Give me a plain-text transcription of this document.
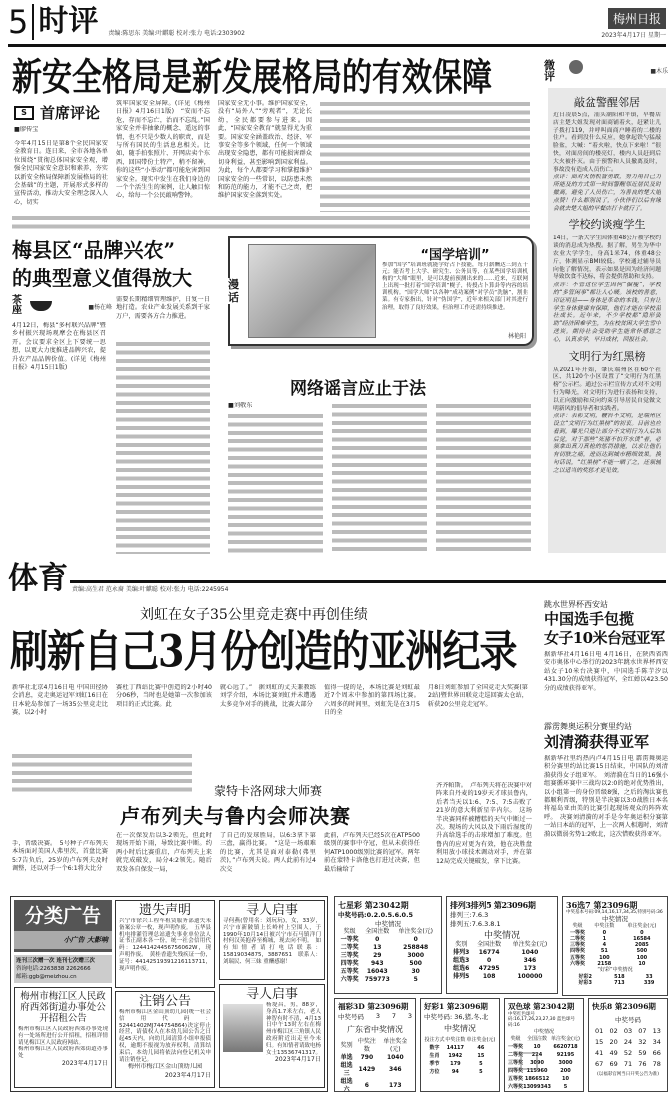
5 时评 责编:陈思东 美编:叶麒聪 校对:张力 电话:2303902
梅州日报
2023年4月17日 星期一
新安全格局是新发展格局的有效保障
S 首席评论
■廖传宝
今年4月15日是第8个全民国家安全教育日。连日来，全市各地各单位围绕“贯彻总体国家安全观，增强全民国家安全意识和素养，夯实以新安全格局保障新发展格局的社会基础”的主题，开展形式多样的宣传活动，推动大安全理念深入人心，切实
筑牢国家安全屏障。(详见《梅州日报》4月16日1版)　“安而不忘危，存而不忘亡，治而不忘乱。”国家安全并非抽象的概念、遥远的事情，也不只是少数人的职责，而是与所有国民的生活息息相关。比如，随手拍张照片、开网店卖个东西、回国带份土特产，稍不留神，你的这些“小举动”都可能危害到国家安全。现实中发生在我们身边的一个个活生生的案例，让人触目惊心，给每一个公民敲响警钟。
国家安全无小事。维护国家安全，没有“局外人”“旁观者”，无论长幼，全民都要参与进来。因此，“国家安全教育”就显得尤为重要。国家安全涵盖政治、经济、军事安全等多个领域，任何一个领域出现安全隐患，都有可能损害群众切身利益，甚至影响到国家利益。为此，每个人都要学习和掌握维护国家安全的一些常识，以防患未然和防范的能力，才能不己之责，把维护国家安全落到实处。
微评	■木乐
敲盆警醒邻居
近日凌晨5点，汕头潮阳和平镇，早餐店店主楚大姐发现对面商铺着火，赶紧让儿子拨打119，并呼叫面商户睡着的二楼的住户。看到没什么反应，她拿起铁勺猛敲脸盆，大喊：“着火啦，快点下来啦！”很快，对面房间的楼亮灯，楼内人员赶到后大火被扑灭。由于预警和人员撤离及时，事故没有造成人员伤亡。
点评：面对火情机智勇敢，努力用自己力所能及的方式第一时间警醒邻近居民及时撤离，避免了人员伤亡，为善良的楚大姐点赞！什么都别说了，小伙伴们以后有缘会就去楚大姐的早餐店打卡就行了。
学校约谈瘦学生
14日，一条大学生因体重48公斤被学校约谈的消息成为热搜。据了解，男生为华中农业大学学生，身高1米74，体重48公斤，体测显示BMI较低。学校通过辅导员向他了解情况，表示如果是因为经济问题导致饮食不达标，将会提供帮助和支持。
点评：不管这位学生因何“偏瘦”，学校的“多管闲事”都让人心暖。该校的善意，印证明显——身体是革命的本钱，只有让学生身体健康有保障，他们才能在学校茁壮成长。近年来，不少学校都“隐形资助”经济困难学生，为在校贫困大学生雪中送炭。期待社会受助学生能常怀感恩之心，认真求学，早日成材，回报社会。
文明行为红黑榜
从2021年开始，肇庆端州区在60个社区、共120个小区设置了“文明行为红黑榜”公示栏。通过公示栏宣传方式对不文明行为曝光，对文明行为进行表扬和支持，以正向激励和反向约束引导居民自觉做文明新风的倡导者和实践者。
点评：表彰文明，鞭笞不文明，是端州区设立“文明行为红黑榜”的初衷。目前也应看到，曝光只能让部分不文明行为人后知后觉，对于那些“死猪不怕开水烫”者，必须拿出真刀真枪的惩罚措施，以求让他们有切肤之痛，进而达到城市精细效果。换句话说，“红黑榜”不能一晒了之，还须辅之以适当的奖惩才更见效。
梅县区“品牌兴农”
的典型意义值得放大
茶座	■杨在峰
4月12日，梅县“多村联兴品牌”暨乡村振兴现场观摩会在梅县区召开。会议要求全区上下要统一思想，以更大力度推进品牌兴农，提升农产品品牌价值。(详见《梅州日报》4月15日1版)
需要长期精细管理维护，日复一日地打造。农业产业发展关系到千家万户，需要各方合力推进。
漫话
“国学培训”
参加“国学”培训班就能学好占卜技能，每月薪酬达三到五千元；能否考上大学、研究生、公务员等，在某些国学培训机构的“大师”眼里，是可以提前预测出来的……近来，互联网上出现一批打着“国学培训”幌子，传授占卜算卦等内容的培训机构。“国学大师”以各种“成功案例”对学员“洗脑”，割韭菜。有专家指出，针对“伪国学”，近年来相关部门对其进行治理，取得了良好效果，但治理工作还需持续推进。
林艳阳
网络谣言应止于法
■刘敬东
体育 责编:高生君 范永裔 美编:叶麒聪 校对:张力 电话:2245954
刘虹在女子35公里竞走赛中再创佳绩
刷新自己3月份创造的亚洲纪录
新华社北京4月16日电 中国田径协会消息，竞走奥运冠军刘虹16日在日本轮岛参加了一场35公里竞走比赛，以2小时
赛杜丁西站比赛中创造的2小时40分06秒，当时也是她第一次参加该项目的正式比赛。此
就心远了。”　据刘虹的丈夫兼教练刘学介绍，本场比赛刘虹并未遭遇太多竞争对手的挑战，比赛大部分
值得一提的是，本场比赛是刘虹最近7个周末中参加的第四场比赛。六周多的时间里，刘虹先是在3月5日的全
月8日刘虹参加了全国竞走大奖赛(第2站)暨世界田联竞走巡回赛太仓站，斩获20公里竞走冠军。
跳水世界杯西安站
中国选手包揽
女子10米台冠亚军
据新华社4月16日电 4月16日，在陕西省西安市奥体中心举行的2023年跳水世界杯西安站女子10米台决赛中，中国选手陈芋汐以431.30分的成绩获得冠军，全红婵以423.50分的成绩获得亚军。
霹雳舞奥运积分赛里约站
刘清漪获得亚军
据新华社里约热内卢4月15日电 霹雳舞奥运积分赛里约站比赛15日结束，中国队的刘清漪获得女子组亚军。　刘清漪在当日的16强小组赛循环赛中三战均以2:0的绝对优势胜出，以小组第一的身份晋级8强，之后的淘汰赛也都顺利晋级，特别是半决赛以3:0战胜日本名将福岛亚由美的比赛引起现场观众的阵阵欢呼。　决赛刘清漪的对手是今年奥运积分赛第一站日本站的冠军，上一次两人相遇时，刘清漪以微弱劣势1:2败北，这次惜败获得亚军。
蒙特卡洛网球大师赛
卢布列夫与鲁内会师决赛
手，晋级决赛。　5号种子卢布列夫本场面对美国人弗里茨，首盘比赛5:7告负后，25岁的卢布列夫及时调整，还以对手一个6:1将大比分
在一次保发后以3-2领先，但此时现场开始下雨，导致比赛中断。约两小时后比赛重启，卢布列夫上来就完成破发，局分4:2领先。随后双发各自保发一局，
了自己的发球胜局，以6:3拿下第三盘，赢得比赛。　“这是一场艰难的比赛，尤其是面对泰勒(弗里茨)，”卢布列夫说。两人此前有过4次交
此前，卢布列夫已经5次在ATP500级别的赛事中夺冠，但从未获得任何ATP1000级别比赛的冠军。两年前在蒙特卡洛他也打进过决赛，但最后输给了
齐齐帕斯。　卢布列夫将在决赛中对阵来自丹麦的19岁天才球员鲁内，后者当天以1:6、7:5、7:5击败了21岁的意大利新星辛内尔。　这场半决赛同样被糟糕的天气中断过一次。现场的大风以及下雨后湿度的升高给选手的击球增加了难度。但鲁内的应对更为有效，他在决胜盘利用放小球技术调动对手，并在第12局完成关键破发，拿下比赛。
分类广告
小广告 大影响
连刊三次赠一次 连刊七次赠三次
咨询电话:2263838 2262666
邮箱:ggb@meizhou.cn
遗失声明
兴宁市徐兴工程车租赁服务部遗失未备案公章一枚，现声明作废。　五华县机电排灌管理总站遗失事业单位法人证书正副本各一份，统一社会信用代码：12441424456756062W，现声明作废。　黄桂香遗失残疾证一份，证号：44142519391216113711，现声明作废。
寻人启事
寻何燕(曾用名：刘玩玩)，女，33岁，兴宁市新陂镇上长岭村上空围人，于1990年10月14日被兴宁市石马镇洋门村何汉英抱养至梅城，现去向不明。　如有知情者请打电话联系：15819034875，3887651　联系人：刘瑞民、何三妹 重酬感谢！
梅州市梅江区人民政府西郊街道办事处公开招租公告
梅州市梅江区人民政府西郊办事处现有一处场所进行公开招租，招租详情请见梅江区人民政府网站。
梅州市梅江区人民政府西郊街道办事处
2023年4月17日
注销公告
梅州市梅江区金山顶幼儿园(统一社会信用代码：52441402MJ744754864)决定停止经营，请债权人在本幼儿园公告之日起45天内，向幼儿园清算小组申报债权，逾期不报视为放弃权利，清算结束后，本幼儿园将依法向登记机关申请注销登记。
梅州市梅江区金山顶幼儿园
2023年4月17日
寻人启事
杨堤昌，男，88岁，身高1.7米左右，老人神智有时不清，4月13日中午13时左右在梅州市梅江区三角镇人民政府附近出走至今未归。有知情者请致电杨女士13536741317。
2023年4月17日
七星彩 第23042期
中奖号码:0.2.0.5.6.0.5
中奖情况
奖级	全国注数	单注奖金(元)
一等奖	0	0
二等奖	13	258848
三等奖	29	3000
四等奖	943	500
五等奖	16043	30
六等奖	759773	5
排列3排列5 第23096期
排列三:7.6.3
排列五:7.6.3.8.1
中奖情况
奖别	全国注数	单注奖金(元)
排列3	16774	1040
组选3	0	346
组选6	47295	173
排列5	108	100000
36选7 第23096期
中奖基本号码:09,14,16,17,34,35,特别号码:36
中奖情况
奖级	中奖注数	单注奖金(元)
一等奖	0	0
二等奖	1	16584
三等奖	4	2085
四等奖	51	500
五等奖	100	100
六等奖	2158	10
“好彩”中奖情况
好彩2	518	33
好彩3	713	339
福彩3D 第23096期
中奖号码 3 7 3
广东省中奖情况
奖别	中奖注数	单注奖金(元)
单选	790	1040
组选三	1429	346
组选六	6	173
好彩1 第23096期
中奖号码: 36,猪,冬,北
中奖情况
投注方式	中奖注数	单注奖金(元)
数字	14117	46
生肖	1942	15
季节	179	5
方位	94	5
双色球 第23042期
中奖红色球号码:16,17,26,23,27,30 蓝色球号码:16
中奖情况
奖级	全国注数	单注奖金(元)
一等奖	10	6620718
二等奖	224	92195
三等奖	3090	3000
四等奖	115960	200
五等奖	1866512	10
六等奖	13099343	5
快乐8 第23096期
中奖号码
01 02 03 07 13
15 20 24 32 34
41 49 52 59 66
67 69 71 76 78
(以福彩官网当日开奖公告为准)
